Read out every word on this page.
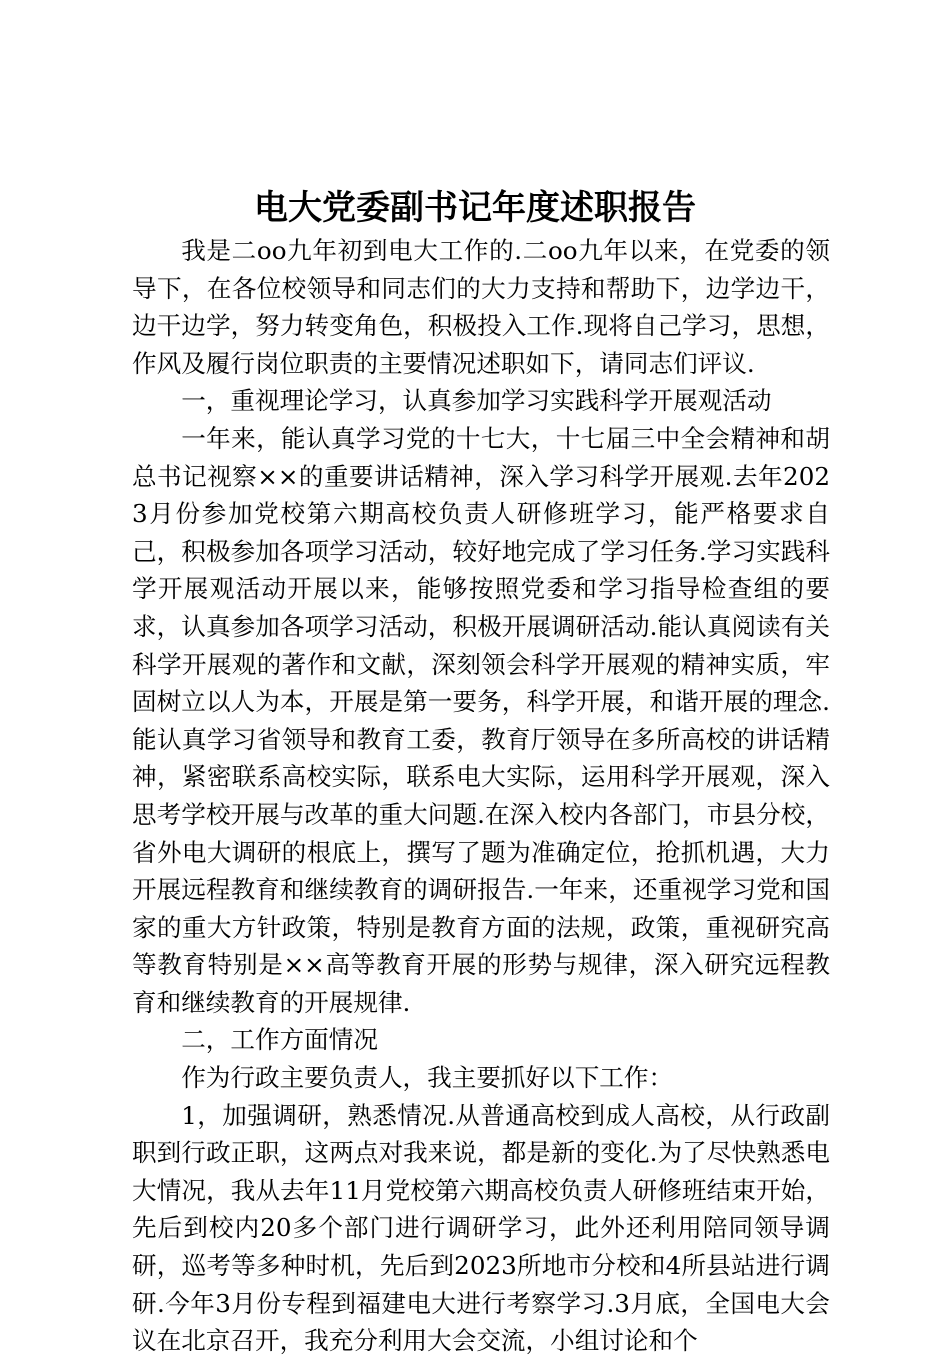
电大党委副书记年度述职报告

我是二oo九年初到电大工作的.二oo九年以来，在党委的领导下，在各位校领导和同志们的大力支持和帮助下，边学边干，边干边学，努力转变角色，积极投入工作.现将自己学习，思想，作风及履行岗位职责的主要情况述职如下，请同志们评议.

一，重视理论学习，认真参加学习实践科学开展观活动

一年来，能认真学习党的十七大，十七届三中全会精神和胡总书记视察××的重要讲话精神，深入学习科学开展观.去年2023月份参加党校第六期高校负责人研修班学习，能严格要求自己，积极参加各项学习活动，较好地完成了学习任务.学习实践科学开展观活动开展以来，能够按照党委和学习指导检查组的要求，认真参加各项学习活动，积极开展调研活动.能认真阅读有关科学开展观的著作和文献，深刻领会科学开展观的精神实质，牢固树立以人为本，开展是第一要务，科学开展，和谐开展的理念.能认真学习省领导和教育工委，教育厅领导在多所高校的讲话精神，紧密联系高校实际，联系电大实际，运用科学开展观，深入思考学校开展与改革的重大问题.在深入校内各部门，市县分校，省外电大调研的根底上，撰写了题为准确定位，抢抓机遇，大力开展远程教育和继续教育的调研报告.一年来，还重视学习党和国家的重大方针政策，特别是教育方面的法规，政策，重视研究高等教育特别是××高等教育开展的形势与规律，深入研究远程教育和继续教育的开展规律.

二，工作方面情况

作为行政主要负责人，我主要抓好以下工作：

1，加强调研，熟悉情况.从普通高校到成人高校，从行政副职到行政正职，这两点对我来说，都是新的变化.为了尽快熟悉电大情况，我从去年11月党校第六期高校负责人研修班结束开始，先后到校内20多个部门进行调研学习，此外还利用陪同领导调研，巡考等多种时机，先后到2023所地市分校和4所县站进行调研.今年3月份专程到福建电大进行考察学习.3月底，全国电大会议在北京召开，我充分利用大会交流，小组讨论和个
